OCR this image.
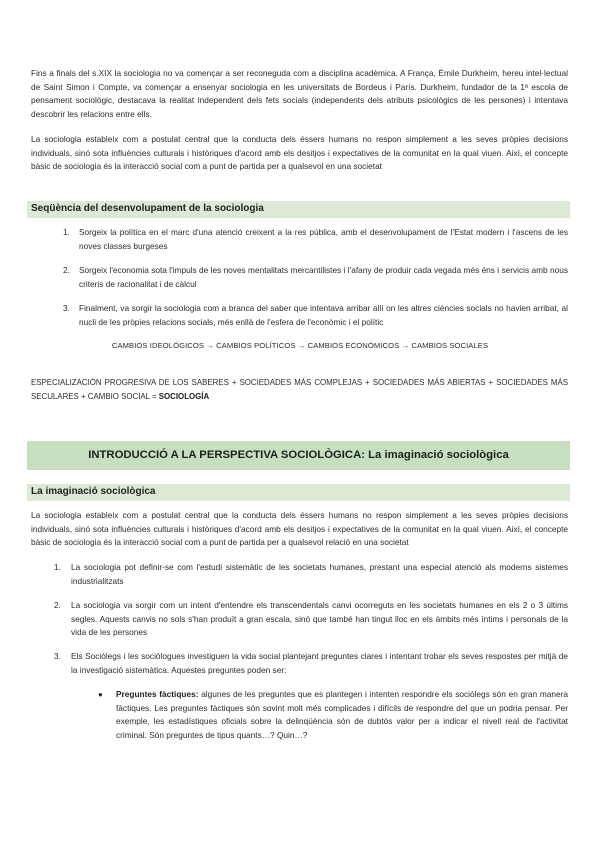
Fins a finals del s.XIX la sociologia no va començar a ser reconeguda com a disciplina acadèmica. A França, Émile Durkheim, hereu intel·lectual de Saint Simon i Compte, va començar a ensenyar sociologia en les universitats de Bordeus i París. Durkheim, fundador de la 1ª escola de pensament sociològic, destacava la realitat independent dels fets socials (independents dels atributs psicològics de les persones) i intentava descobrir les relacions entre ells.

La sociologia estableix com a postulat central que la conducta dels éssers humans no respon simplement a les seves pròpies decisions individuals, sinó sota influències culturals i històriques d'acord amb els desitjos i expectatives de la comunitat en la qual viuen. Així, el concepte bàsic de sociologia és la interacció social com a punt de partida per a qualsevol en una societat

Seqüència del desenvolupament de la sociologia
1. Sorgeix la política en el marc d'una atenció creixent a la res pública, amb el desenvolupament de l'Estat modern i l'ascens de les noves classes burgeses

2. Sorgeix l'economia sota l'impuls de les noves mentalitats mercantilistes i l'afany de produir cada vegada més éns i servicis amb nous criteris de racionalitat i de càlcul

3. Finalment, va sorgir la sociologia com a branca del saber que intentava arribar allí on les altres ciències socials no havien arribat, al nucli de les pròpies relacions socials, més enllà de l'esfera de l'econòmic i el polític

CAMBIOS IDEOLÓGICOS → CAMBIOS POLÍTICOS → CAMBIOS ECONÓMICOS → CAMBIOS SOCIALES

ESPECIALIZACIÓN PROGRESIVA DE LOS SABERES + SOCIEDADES MÁS COMPLEJAS + SOCIEDADES MÁS ABIERTAS + SOCIEDADES MÁS SECULARES + CAMBIO SOCIAL = SOCIOLOGÍA

INTRODUCCIÓ A LA PERSPECTIVA SOCIOLÒGICA: La imaginació sociològica
La imaginació sociològica

La sociologia estableix com a postulat central que la conducta dels éssers humans no respon simplement a les seves pròpies decisions individuals, sinó sota influències culturals i històriques d'acord amb els desitjos i expectatives de la comunitat en la qual viuen. Així, el concepte bàsic de sociologia és la interacció social com a punt de partida per a qualsevol relació en una societat

1. La sociologia pot definir-se com l'estudi sistemàtic de les societats humanes, prestant una especial atenció als moderns sistemes industrialitzats

2. La sociologia va sorgir com un intent d'entendre els transcendentals canvi ocorreguts en les societats humanes en els 2 o 3 últims segles. Aquests canvis no sols s'han produït a gran escala, sinó que també han tingut lloc en els àmbits més íntims i personals de la vida de les persones

3. Els Sociòlegs i les sociòlogues investiguen la vida social plantejant preguntes clares i intentant trobar els seves respostes per mitjà de la investigació sistemàtica. Aquestes preguntes poden ser:

● Preguntes fàctiques: algunes de les preguntes que es plantegen i intenten respondre els sociòlegs són en gran manera fàctiques. Les preguntes fàctiques són sovint molt més complicades i difícils de respondre del que un podria pensar. Per exemple, les estadístiques oficials sobre la delinqüència són de dubtós valor per a indicar el nivell real de l'activitat criminal. Són preguntes de tipus quants…? Quin…?
